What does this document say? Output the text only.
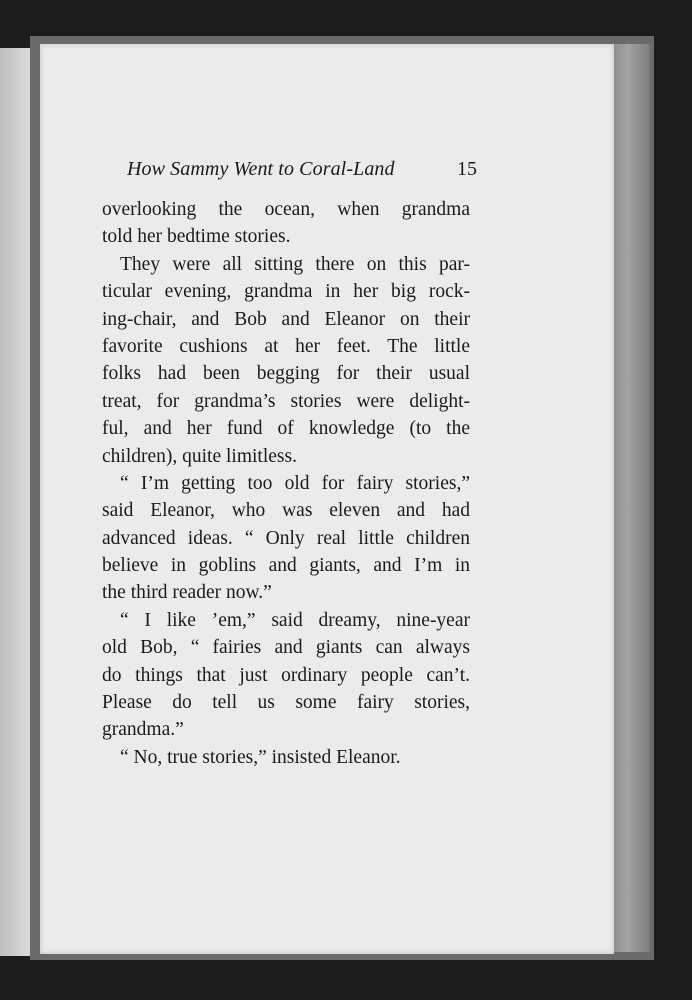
How Sammy Went to Coral-Land	15
overlooking the ocean, when grandma
told her bedtime stories.
They were all sitting there on this par-
ticular evening, grandma in her big rock-
ing-chair, and Bob and Eleanor on their
favorite cushions at her feet. The little
folks had been begging for their usual
treat, for grandma’s stories were delight-
ful, and her fund of knowledge (to the
children), quite limitless.
“ I’m getting too old for fairy stories,”
said Eleanor, who was eleven and had
advanced ideas. “ Only real little children
believe in goblins and giants, and I’m in
the third reader now.”
“ I like ’em,” said dreamy, nine-year
old Bob, “ fairies and giants can always
do things that just ordinary people can’t.
Please do tell us some fairy stories,
grandma.”
“ No, true stories,” insisted Eleanor.
